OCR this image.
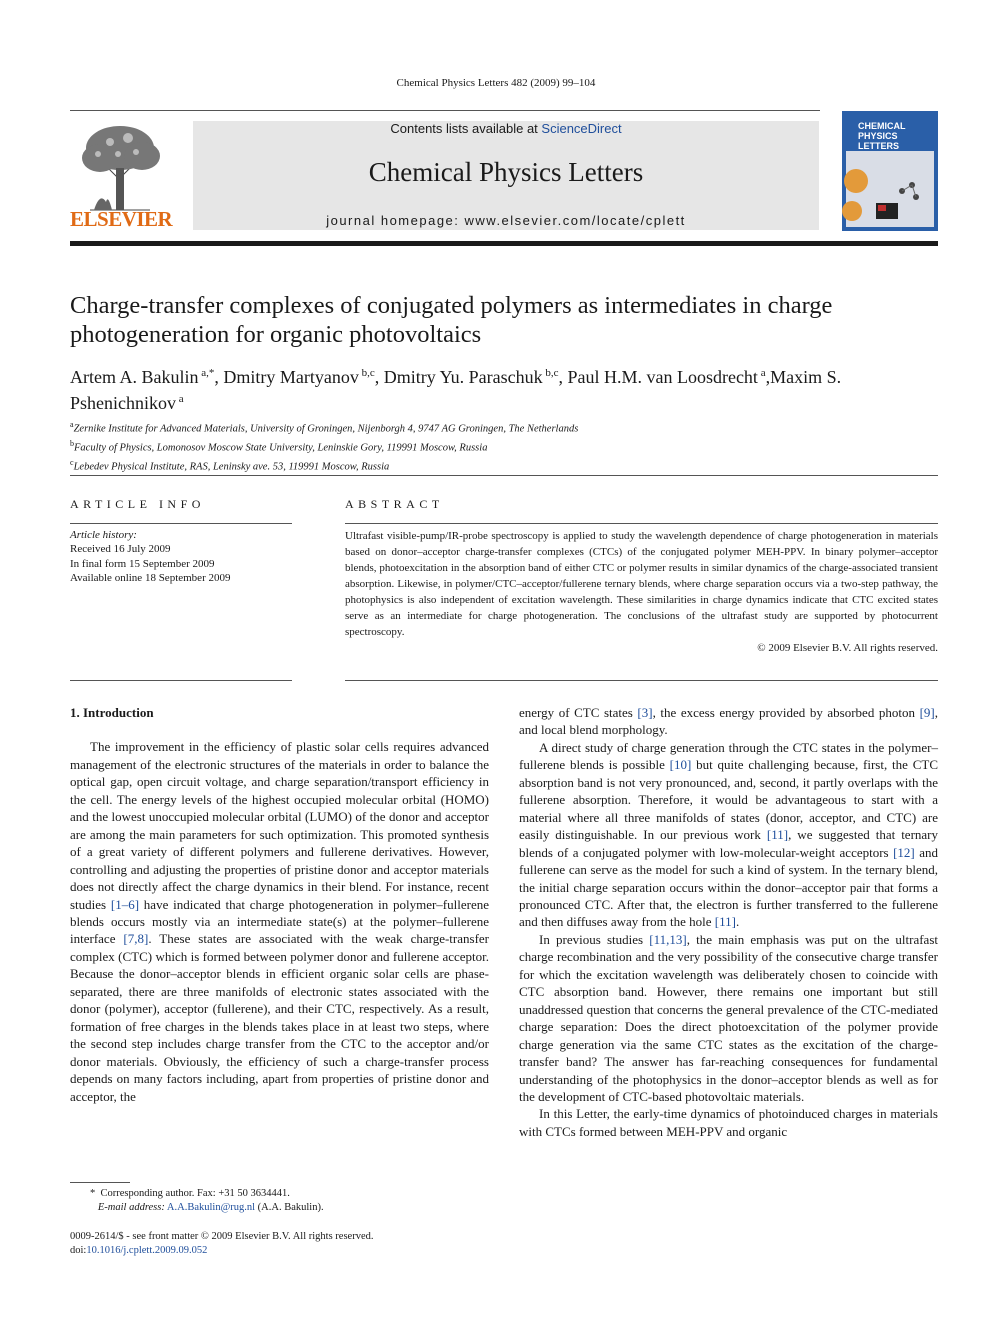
Chemical Physics Letters 482 (2009) 99–104
ELSEVIER
Contents lists available at ScienceDirect
Chemical Physics Letters
journal homepage: www.elsevier.com/locate/cplett
CHEMICAL
PHYSICS
LETTERS
Charge-transfer complexes of conjugated polymers as intermediates in charge photogeneration for organic photovoltaics
Artem A. Bakulin $^{a,*}$, Dmitry Martyanov $^{b,c}$, Dmitry Yu. Paraschuk $^{b,c}$, Paul H.M. van Loosdrecht $^a$,Maxim S. Pshenichnikov $^a$
$^a$Zernike Institute for Advanced Materials, University of Groningen, Nijenborgh 4, 9747 AG Groningen, The Netherlands
$^b$Faculty of Physics, Lomonosov Moscow State University, Leninskie Gory, 119991 Moscow, Russia
$^c$Lebedev Physical Institute, RAS, Leninsky ave. 53, 119991 Moscow, Russia
ARTICLE INFO	ABSTRACT
Article history:
Received 16 July 2009
In final form 15 September 2009
Available online 18 September 2009
Ultrafast visible-pump/IR-probe spectroscopy is applied to study the wavelength dependence of charge photogeneration in materials based on donor–acceptor charge-transfer complexes (CTCs) of the conjugated polymer MEH-PPV. In binary polymer–acceptor blends, photoexcitation in the absorption band of either CTC or polymer results in similar dynamics of the charge-associated transient absorption. Likewise, in polymer/CTC–acceptor/fullerene ternary blends, where charge separation occurs via a two-step pathway, the photophysics is also independent of excitation wavelength. These similarities in charge dynamics indicate that CTC excited states serve as an intermediate for charge photogeneration. The conclusions of the ultrafast study are supported by photocurrent spectroscopy.
© 2009 Elsevier B.V. All rights reserved.
1. Introduction

The improvement in the efficiency of plastic solar cells requires advanced management of the electronic structures of the materials in order to balance the optical gap, open circuit voltage, and charge separation/transport efficiency in the cell. The energy levels of the highest occupied molecular orbital (HOMO) and the lowest unoccupied molecular orbital (LUMO) of the donor and acceptor are among the main parameters for such optimization. This promoted synthesis of a great variety of different polymers and fullerene derivatives. However, controlling and adjusting the properties of pristine donor and acceptor materials does not directly affect the charge dynamics in their blend. For instance, recent studies [1–6] have indicated that charge photogeneration in polymer–fullerene blends occurs mostly via an intermediate state(s) at the polymer–fullerene interface [7,8]. These states are associated with the weak charge-transfer complex (CTC) which is formed between polymer donor and fullerene acceptor. Because the donor–acceptor blends in efficient organic solar cells are phase-separated, there are three manifolds of electronic states associated with the donor (polymer), acceptor (fullerene), and their CTC, respectively. As a result, formation of free charges in the blends takes place in at least two steps, where the second step includes charge transfer from the CTC to the acceptor and/or donor materials. Obviously, the efficiency of such a charge-transfer process depends on many factors including, apart from properties of pristine donor and acceptor, the

energy of CTC states [3], the excess energy provided by absorbed photon [9], and local blend morphology.

A direct study of charge generation through the CTC states in the polymer–fullerene blends is possible [10] but quite challenging because, first, the CTC absorption band is not very pronounced, and, second, it partly overlaps with the fullerene absorption. Therefore, it would be advantageous to start with a material where all three manifolds of states (donor, acceptor, and CTC) are easily distinguishable. In our previous work [11], we suggested that ternary blends of a conjugated polymer with low-molecular-weight acceptors [12] and fullerene can serve as the model for such a kind of system. In the ternary blend, the initial charge separation occurs within the donor–acceptor pair that forms a pronounced CTC. After that, the electron is further transferred to the fullerene and then diffuses away from the hole [11].

In previous studies [11,13], the main emphasis was put on the ultrafast charge recombination and the very possibility of the consecutive charge transfer for which the excitation wavelength was deliberately chosen to coincide with CTC absorption band. However, there remains one important but still unaddressed question that concerns the general prevalence of the CTC-mediated charge separation: Does the direct photoexcitation of the polymer provide charge generation via the same CTC states as the excitation of the charge-transfer band? The answer has far-reaching consequences for fundamental understanding of the photophysics in the donor–acceptor blends as well as for the development of CTC-based photovoltaic materials.

In this Letter, the early-time dynamics of photoinduced charges in materials with CTCs formed between MEH-PPV and organic

* Corresponding author. Fax: +31 50 3634441.
E-mail address: A.A.Bakulin@rug.nl (A.A. Bakulin).
0009-2614/$ - see front matter © 2009 Elsevier B.V. All rights reserved.
doi:10.1016/j.cplett.2009.09.052
